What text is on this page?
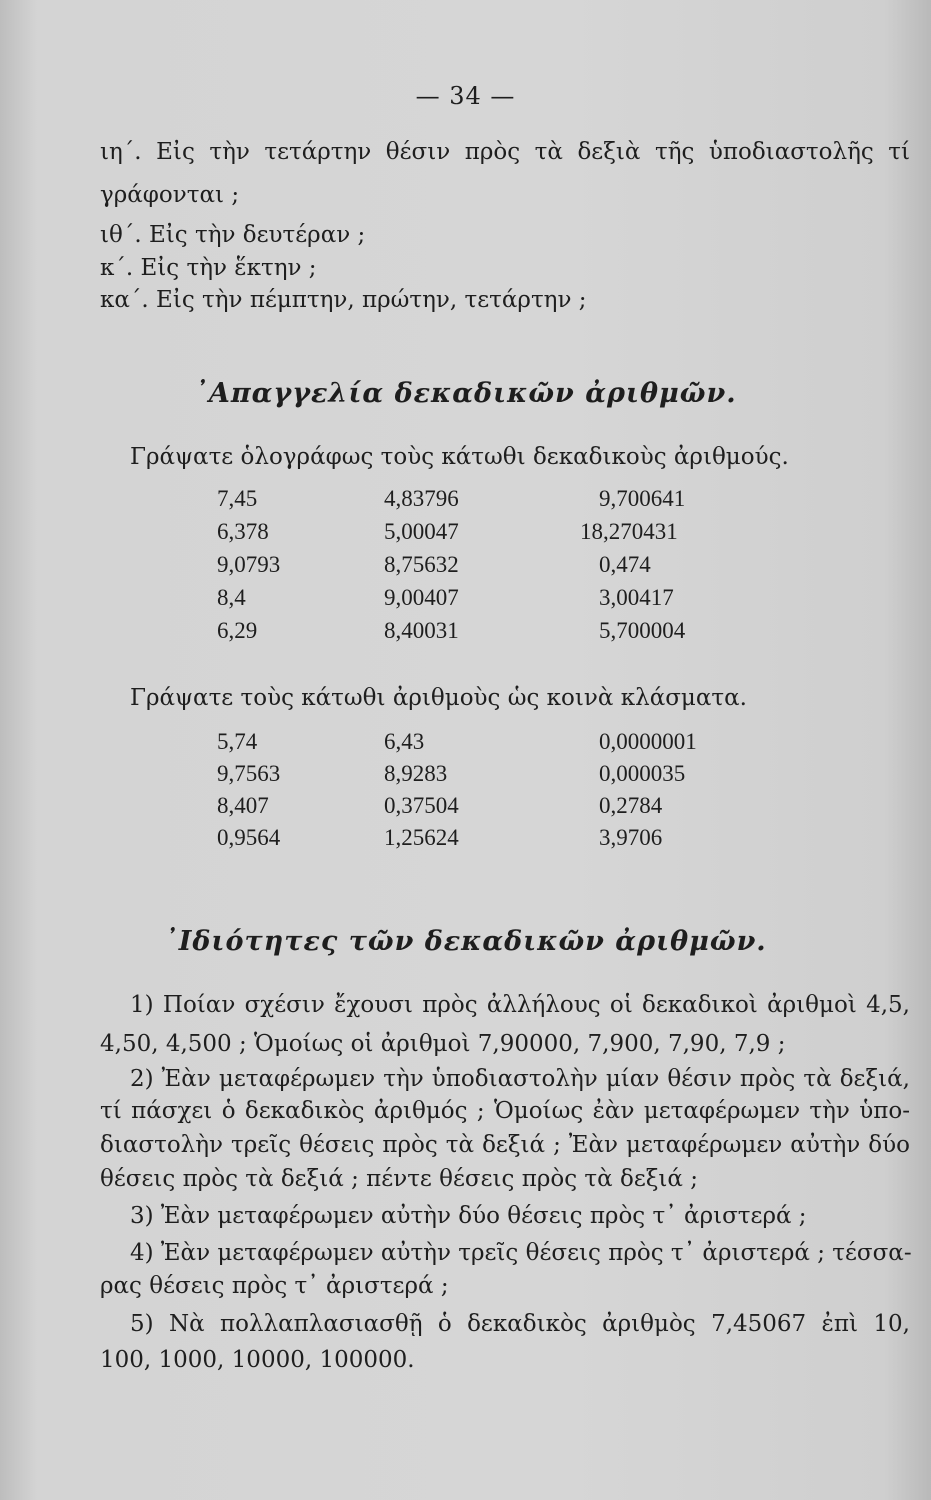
— 34 —
ιη΄. Εἰς τὴν τετάρτην θέσιν πρὸς τὰ δεξιὰ τῆς ὑποδιαστολῆς τί
γράφονται ;
ιθ΄. Εἰς τὴν δευτέραν ;
κ΄. Εἰς τὴν ἕκτην ;
κα΄. Εἰς τὴν πέμπτην, πρώτην, τετάρτην ;
᾿Απαγγελία δεκαδικῶν ἀριθμῶν.
Γράψατε ὁλογράφως τοὺς κάτωθι δεκαδικοὺς ἀριθμούς.
7,45	4,83796	9,700641
6,378	5,00047	18,270431
9,0793	8,75632	0,474
8,4	9,00407	3,00417
6,29	8,40031	5,700004
Γράψατε τοὺς κάτωθι ἀριθμοὺς ὡς κοινὰ κλάσματα.
5,74	6,43	0,0000001
9,7563	8,9283	0,000035
8,407	0,37504	0,2784
0,9564	1,25624	3,9706
᾿Ιδιότητες τῶν δεκαδικῶν ἀριθμῶν.
1) Ποίαν σχέσιν ἔχουσι πρὸς ἀλλήλους οἱ δεκαδικοὶ ἀριθμοὶ 4,5,
4,50, 4,500 ; Ὁμοίως οἱ ἀριθμοὶ 7,90000, 7,900, 7,90, 7,9 ;
2) Ἐὰν μεταφέρωμεν τὴν ὑποδιαστολὴν μίαν θέσιν πρὸς τὰ δεξιά,
τί πάσχει ὁ δεκαδικὸς ἀριθμός ; Ὁμοίως ἐὰν μεταφέρωμεν τὴν ὑπο-
διαστολὴν τρεῖς θέσεις πρὸς τὰ δεξιά ; Ἐὰν μεταφέρωμεν αὐτὴν δύο
θέσεις πρὸς τὰ δεξιά ; πέντε θέσεις πρὸς τὰ δεξιά ;
3) Ἐὰν μεταφέρωμεν αὐτὴν δύο θέσεις πρὸς τ᾿ ἀριστερά ;
4) Ἐὰν μεταφέρωμεν αὐτὴν τρεῖς θέσεις πρὸς τ᾿ ἀριστερά ; τέσσα-
ρας θέσεις πρὸς τ᾿ ἀριστερά ;
5) Νὰ πολλαπλασιασθῇ ὁ δεκαδικὸς ἀριθμὸς 7,45067 ἐπὶ 10,
100, 1000, 10000, 100000.
